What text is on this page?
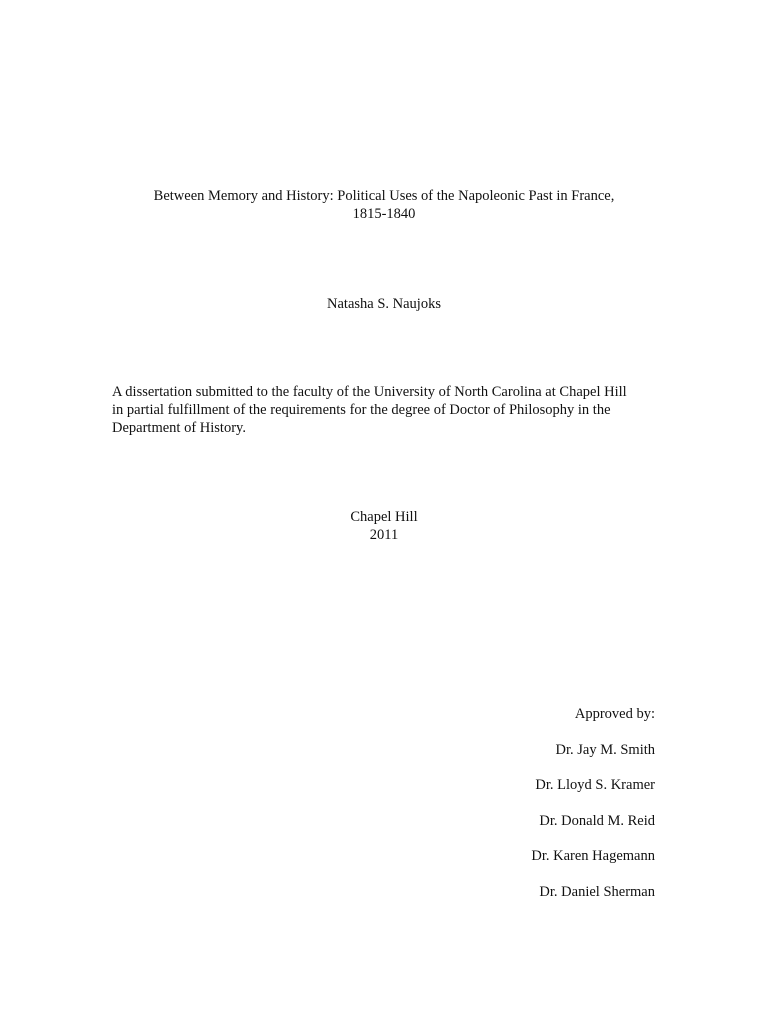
Between Memory and History: Political Uses of the Napoleonic Past in France,
1815-1840
Natasha S. Naujoks
A dissertation submitted to the faculty of the University of North Carolina at Chapel Hill
in partial fulfillment of the requirements for the degree of Doctor of Philosophy in the
Department of History.
Chapel Hill
2011
Approved by:
Dr. Jay M. Smith
Dr. Lloyd S. Kramer
Dr. Donald M. Reid
Dr. Karen Hagemann
Dr. Daniel Sherman
